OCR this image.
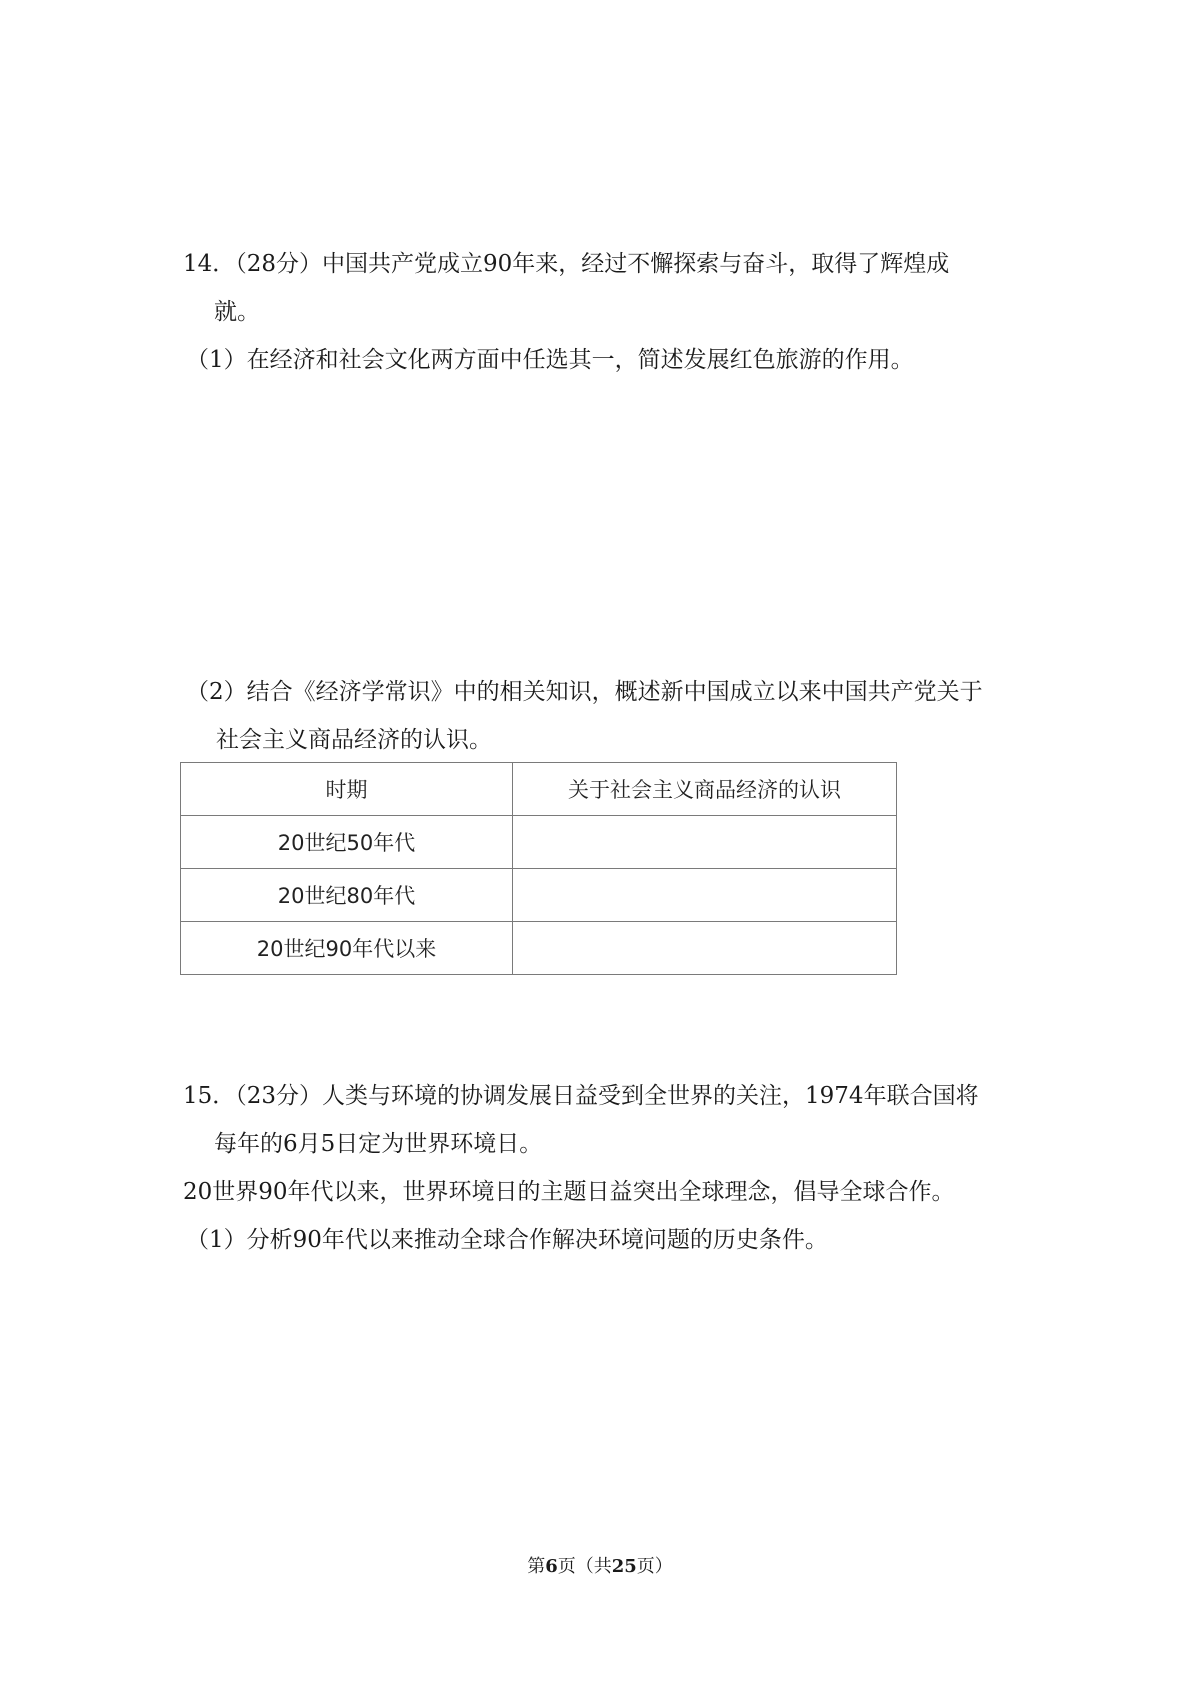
14．（28分）中国共产党成立90年来，经过不懈探索与奋斗，取得了辉煌成
就。
（1）在经济和社会文化两方面中任选其一，简述发展红色旅游的作用。
（2）结合《经济学常识》中的相关知识，概述新中国成立以来中国共产党关于
社会主义商品经济的认识。
时期	关于社会主义商品经济的认识
20世纪50年代	
20世纪80年代	
20世纪90年代以来	
15．（23分）人类与环境的协调发展日益受到全世界的关注，1974年联合国将
每年的6月5日定为世界环境日。
20世界90年代以来，世界环境日的主题日益突出全球理念，倡导全球合作。
（1）分析90年代以来推动全球合作解决环境问题的历史条件。
第6页（共25页）
